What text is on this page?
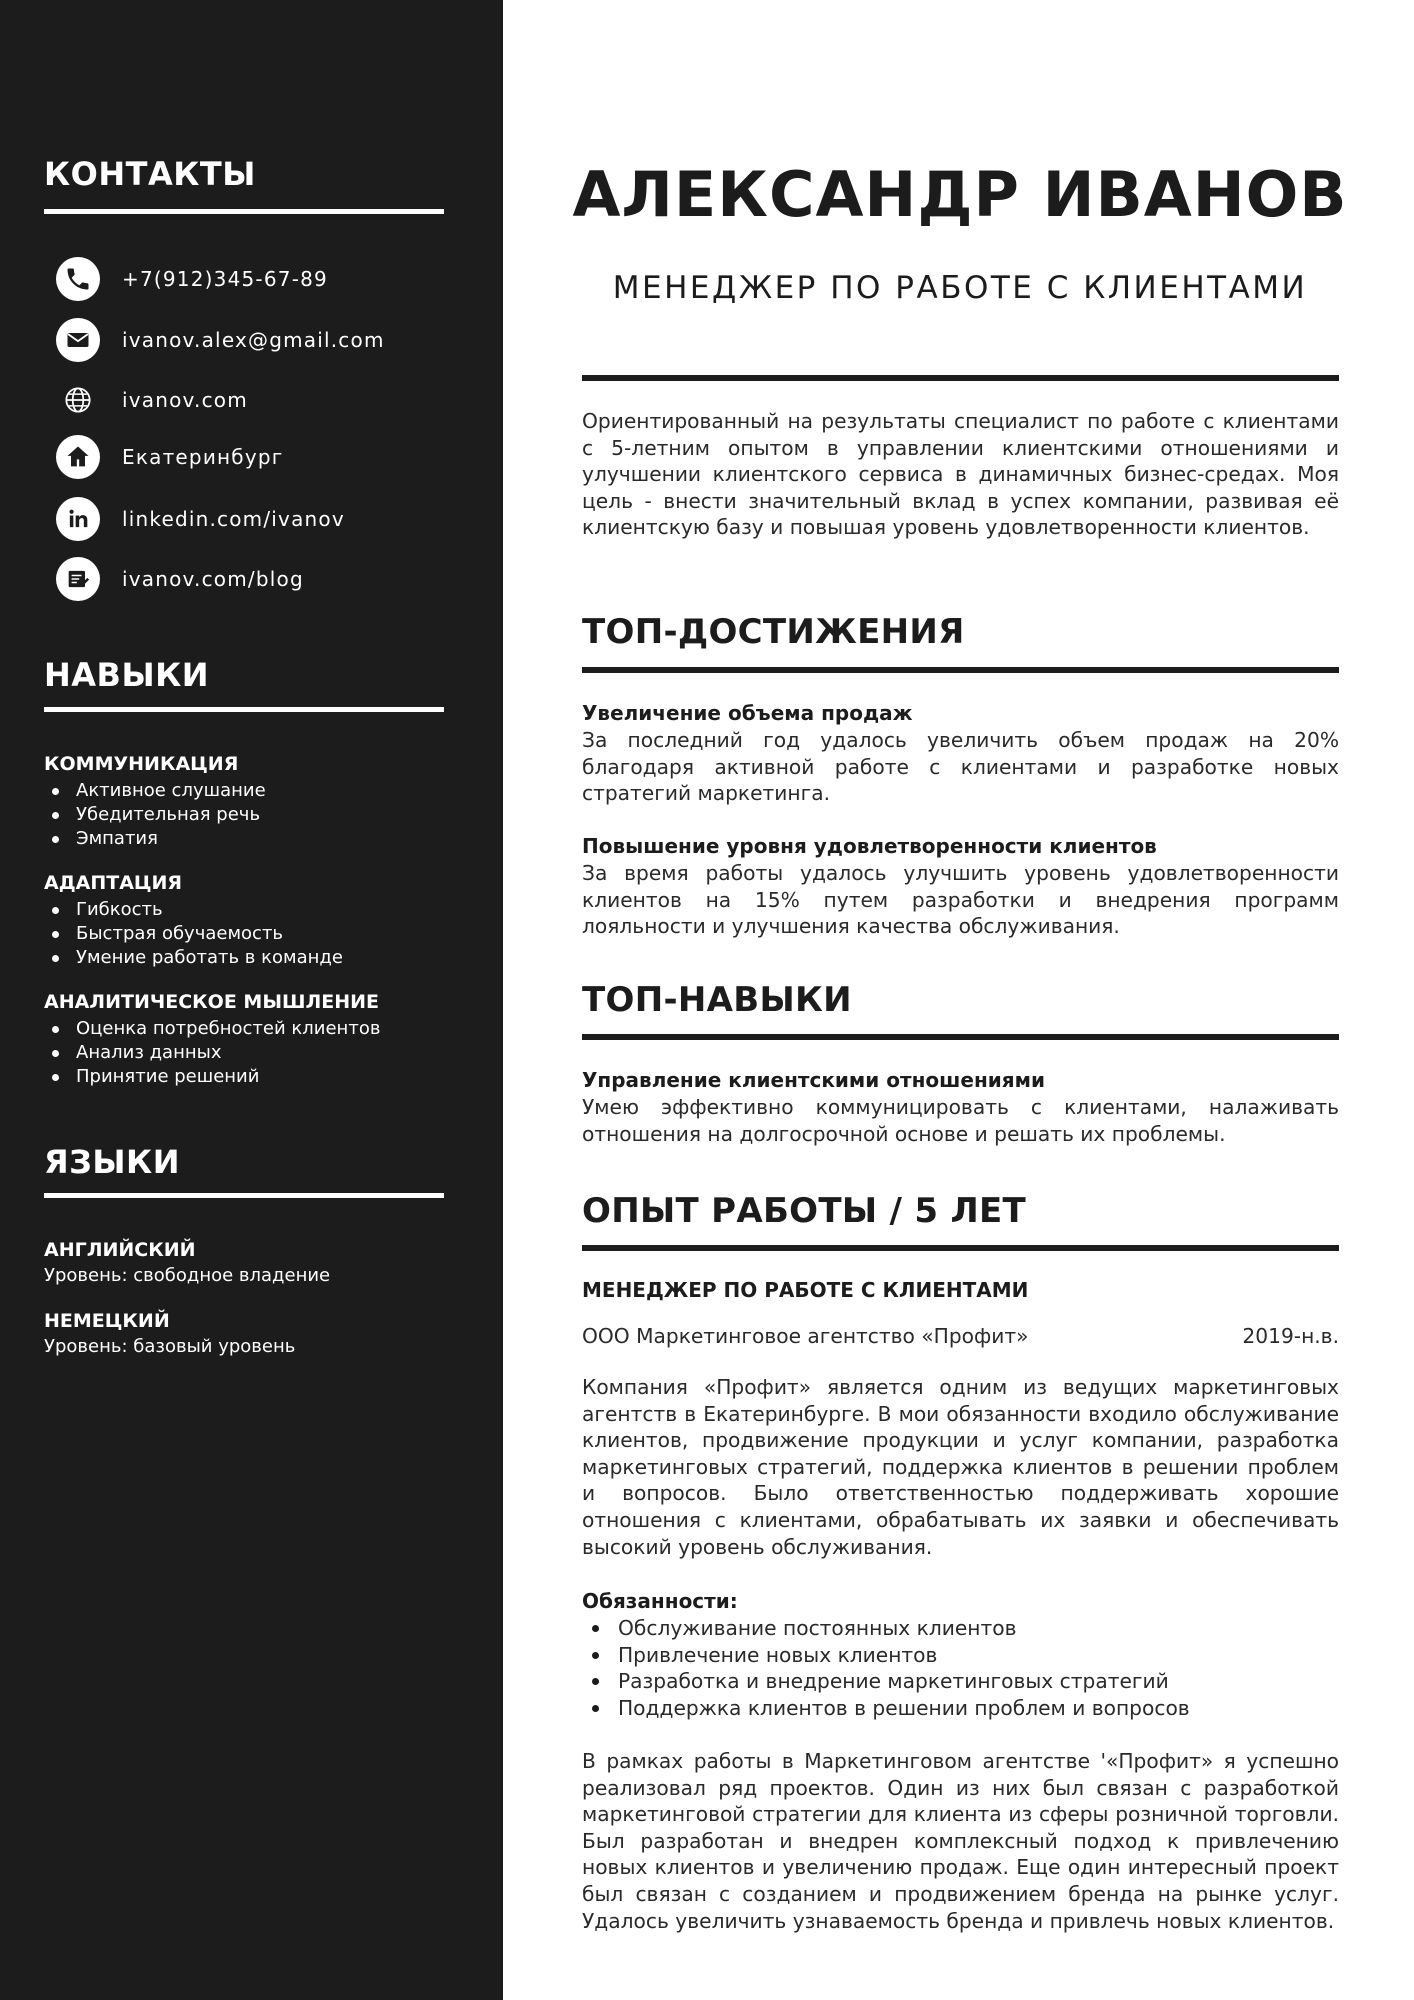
КОНТАКТЫ
+7(912)345-67-89
ivanov.alex@gmail.com
ivanov.com
Екатеринбург
linkedin.com/ivanov
ivanov.com/blog
НАВЫКИ
КОММУНИКАЦИЯ
Активное слушание
Убедительная речь
Эмпатия
АДАПТАЦИЯ
Гибкость
Быстрая обучаемость
Умение работать в команде
АНАЛИТИЧЕСКОЕ МЫШЛЕНИЕ
Оценка потребностей клиентов
Анализ данных
Принятие решений
ЯЗЫКИ
АНГЛИЙСКИЙ
Уровень: свободное владение
НЕМЕЦКИЙ
Уровень: базовый уровень
АЛЕКСАНДР ИВАНОВ
МЕНЕДЖЕР ПО РАБОТЕ С КЛИЕНТАМИ
Ориентированный на результаты специалист по работе с клиентами с 5-летним опытом в управлении клиентскими отношениями и улучшении клиентского сервиса в динамичных бизнес-средах. Моя цель - внести значительный вклад в успех компании, развивая её клиентскую базу и повышая уровень удовлетворенности клиентов.
ТОП-ДОСТИЖЕНИЯ
Увеличение объема продаж
За последний год удалось увеличить объем продаж на 20% благодаря активной работе с клиентами и разработке новых стратегий маркетинга.
Повышение уровня удовлетворенности клиентов
За время работы удалось улучшить уровень удовлетворенности клиентов на 15% путем разработки и внедрения программ лояльности и улучшения качества обслуживания.
ТОП-НАВЫКИ
Управление клиентскими отношениями
Умею эффективно коммуницировать с клиентами, налаживать отношения на долгосрочной основе и решать их проблемы.
ОПЫТ РАБОТЫ / 5 ЛЕТ
МЕНЕДЖЕР ПО РАБОТЕ С КЛИЕНТАМИ
ООО Маркетинговое агентство «Профит»	2019-н.в.
Компания «Профит» является одним из ведущих маркетинговых агентств в Екатеринбурге. В мои обязанности входило обслуживание клиентов, продвижение продукции и услуг компании, разработка маркетинговых стратегий, поддержка клиентов в решении проблем и вопросов. Было ответственностью поддерживать хорошие отношения с клиентами, обрабатывать их заявки и обеспечивать высокий уровень обслуживания.
Обязанности:
Обслуживание постоянных клиентов
Привлечение новых клиентов
Разработка и внедрение маркетинговых стратегий
Поддержка клиентов в решении проблем и вопросов
В рамках работы в Маркетинговом агентстве '«Профит» я успешно реализовал ряд проектов. Один из них был связан с разработкой маркетинговой стратегии для клиента из сферы розничной торговли. Был разработан и внедрен комплексный подход к привлечению новых клиентов и увеличению продаж. Еще один интересный проект был связан с созданием и продвижением бренда на рынке услуг. Удалось увеличить узнаваемость бренда и привлечь новых клиентов.
